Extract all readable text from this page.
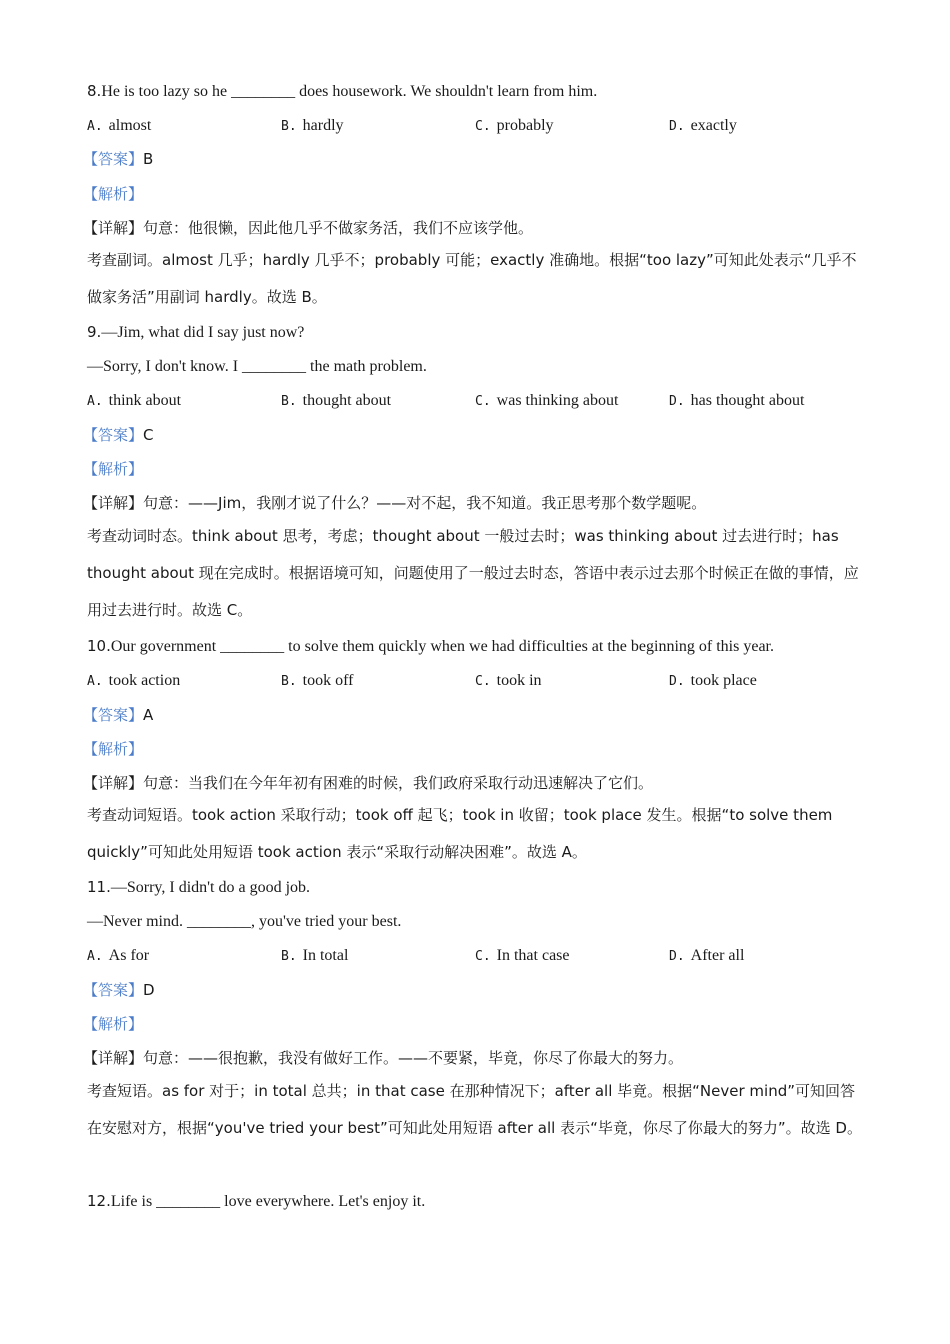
8.He is too lazy so he ________ does housework. We shouldn't learn from him.
A. almost	B. hardly	C. probably	D. exactly
【答案】B
【解析】
【详解】句意：他很懒，因此他几乎不做家务活，我们不应该学他。
考查副词。almost 几乎；hardly 几乎不；probably 可能；exactly 准确地。根据“too lazy”可知此处表示“几乎不做家务活”用副词 hardly。故选 B。
9.—Jim, what did I say just now?
—Sorry, I don't know. I ________ the math problem.
A. think about	B. thought about	C. was thinking about	D. has thought about
【答案】C
【解析】
【详解】句意：——Jim，我刚才说了什么？——对不起，我不知道。我正思考那个数学题呢。
考查动词时态。think about 思考，考虑；thought about 一般过去时；was thinking about 过去进行时；has thought about 现在完成时。根据语境可知，问题使用了一般过去时态，答语中表示过去那个时候正在做的事情，应用过去进行时。故选 C。
10.Our government ________ to solve them quickly when we had difficulties at the beginning of this year.
A. took action	B. took off	C. took in	D. took place
【答案】A
【解析】
【详解】句意：当我们在今年年初有困难的时候，我们政府采取行动迅速解决了它们。
考查动词短语。took action 采取行动；took off 起飞；took in 收留；took place 发生。根据“to solve them quickly”可知此处用短语 took action 表示“采取行动解决困难”。故选 A。
11.—Sorry, I didn't do a good job.
—Never mind. ________, you've tried your best.
A. As for	B. In total	C. In that case	D. After all
【答案】D
【解析】
【详解】句意：——很抱歉，我没有做好工作。——不要紧，毕竟，你尽了你最大的努力。
考查短语。as for 对于；in total 总共；in that case 在那种情况下；after all 毕竟。根据“Never mind”可知回答在安慰对方，根据“you've tried your best”可知此处用短语 after all 表示“毕竟，你尽了你最大的努力”。故选 D。
12.Life is ________ love everywhere. Let's enjoy it.
